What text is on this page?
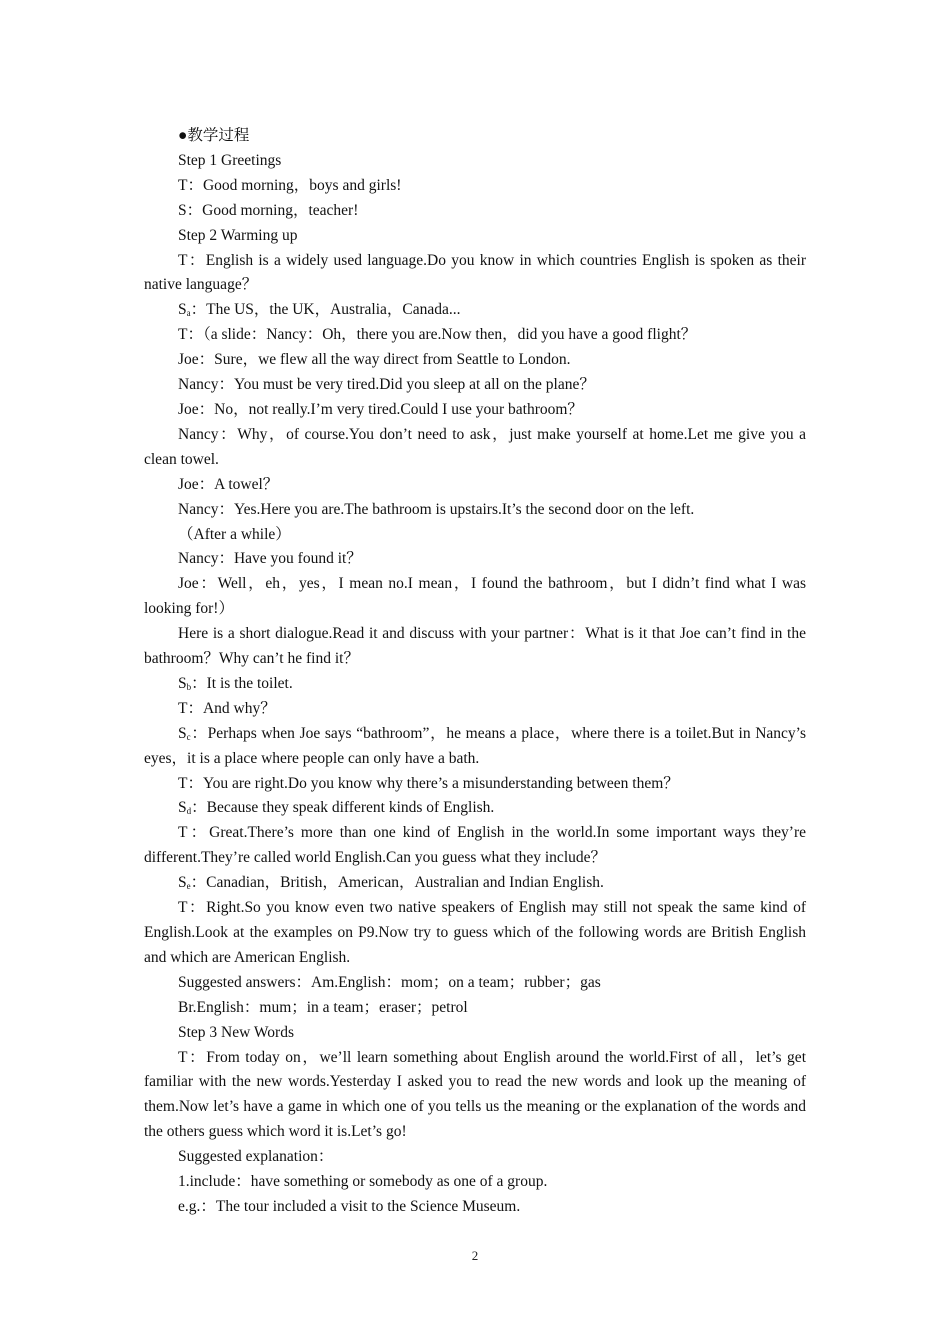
●教学过程

Step 1 Greetings

T：Good morning，boys and girls!

S：Good morning，teacher!

Step 2 Warming up

T：English is a widely used language.Do you know in which countries English is spoken as their native language？

$S_a$：The US，the UK，Australia，Canada...

T：（a slide：Nancy：Oh，there you are.Now then，did you have a good flight？

Joe：Sure，we flew all the way direct from Seattle to London.

Nancy：You must be very tired.Did you sleep at all on the plane？

Joe：No，not really.I’m very tired.Could I use your bathroom？

Nancy：Why，of course.You don’t need to ask，just make yourself at home.Let me give you a clean towel.

Joe：A towel？

Nancy：Yes.Here you are.The bathroom is upstairs.It’s the second door on the left.

（After a while）

Nancy：Have you found it？

Joe：Well，eh，yes，I mean no.I mean，I found the bathroom，but I didn’t find what I was looking for!）

Here is a short dialogue.Read it and discuss with your partner：What is it that Joe can’t find in the bathroom？Why can’t he find it？

$S_b$：It is the toilet.

T：And why？

$S_c$：Perhaps when Joe says “bathroom”，he means a place，where there is a toilet.But in Nancy’s eyes，it is a place where people can only have a bath.

T：You are right.Do you know why there’s a misunderstanding between them？

$S_d$：Because they speak different kinds of English.

T：Great.There’s more than one kind of English in the world.In some important ways they’re different.They’re called world English.Can you guess what they include？

$S_e$：Canadian，British，American，Australian and Indian English.

T：Right.So you know even two native speakers of English may still not speak the same kind of English.Look at the examples on P9.Now try to guess which of the following words are British English and which are American English.

Suggested answers：Am.English：mom；on a team；rubber；gas

Br.English：mum；in a team；eraser；petrol

Step 3 New Words

T：From today on，we’ll learn something about English around the world.First of all，let’s get familiar with the new words.Yesterday I asked you to read the new words and look up the meaning of them.Now let’s have a game in which one of you tells us the meaning or the explanation of the words and the others guess which word it is.Let’s go!

Suggested explanation：

1.include：have something or somebody as one of a group.

e.g.：The tour included a visit to the Science Museum.

2
